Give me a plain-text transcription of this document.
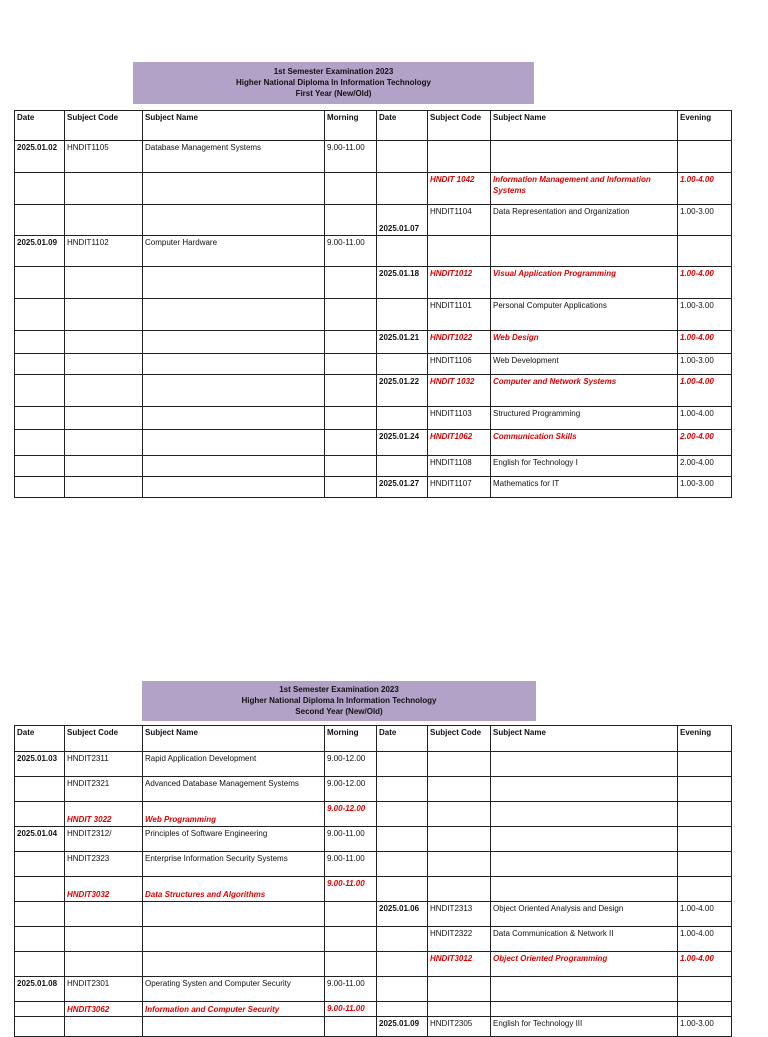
1st Semester Examination 2023
Higher National Diploma In Information Technology
First Year (New/Old)
Date	Subject Code	Subject Name	Morning	Date	Subject Code	Subject Name	Evening
2025.01.02	HNDIT1105	Database Management Systems	9.00-11.00				
					HNDIT 1042	Information Management and Information Systems	1.00-4.00
				2025.01.07	HNDIT1104	Data Representation and Organization	1.00-3.00
2025.01.09	HNDIT1102	Computer Hardware	9.00-11.00				
				2025.01.18	HNDIT1012	Visual Application Programming	1.00-4.00
					HNDIT1101	Personal Computer Applications	1.00-3.00
				2025.01.21	HNDIT1022	Web Design	1.00-4.00
					HNDIT1106	Web Development	1.00-3.00
				2025.01.22	HNDIT 1032	Computer and Network Systems	1.00-4.00
					HNDIT1103	Structured Programming	1.00-4.00
				2025.01.24	HNDIT1062	Communication Skills	2.00-4.00
					HNDIT1108	English for Technology I	2.00-4.00
				2025.01.27	HNDIT1107	Mathematics for IT	1.00-3.00
1st Semester Examination 2023
Higher National Diploma In Information Technology
Second Year (New/Old)
Date	Subject Code	Subject Name	Morning	Date	Subject Code	Subject Name	Evening
2025.01.03	HNDIT2311	Rapid Application Development	9.00-12.00				
	HNDIT2321	Advanced Database Management Systems	9.00-12.00				
	HNDIT 3022	Web Programming	9.00-12.00				
2025.01.04	HNDIT2312/	Principles of Software Engineering	9.00-11.00				
	HNDIT2323	Enterprise Information Security Systems	9.00-11.00				
	HNDIT3032	Data Structures and Algorithms	9.00-11.00				
				2025.01.06	HNDIT2313	Object Oriented Analysis and Design	1.00-4.00
					HNDIT2322	Data Communication & Network II	1.00-4.00
					HNDIT3012	Object Oriented Programming	1.00-4.00
2025.01.08	HNDIT2301	Operating Systen and Computer Security	9.00-11.00				
	HNDIT3062	Information and Computer Security	9.00-11.00				
				2025.01.09	HNDIT2305	English for Technology III	1.00-3.00
